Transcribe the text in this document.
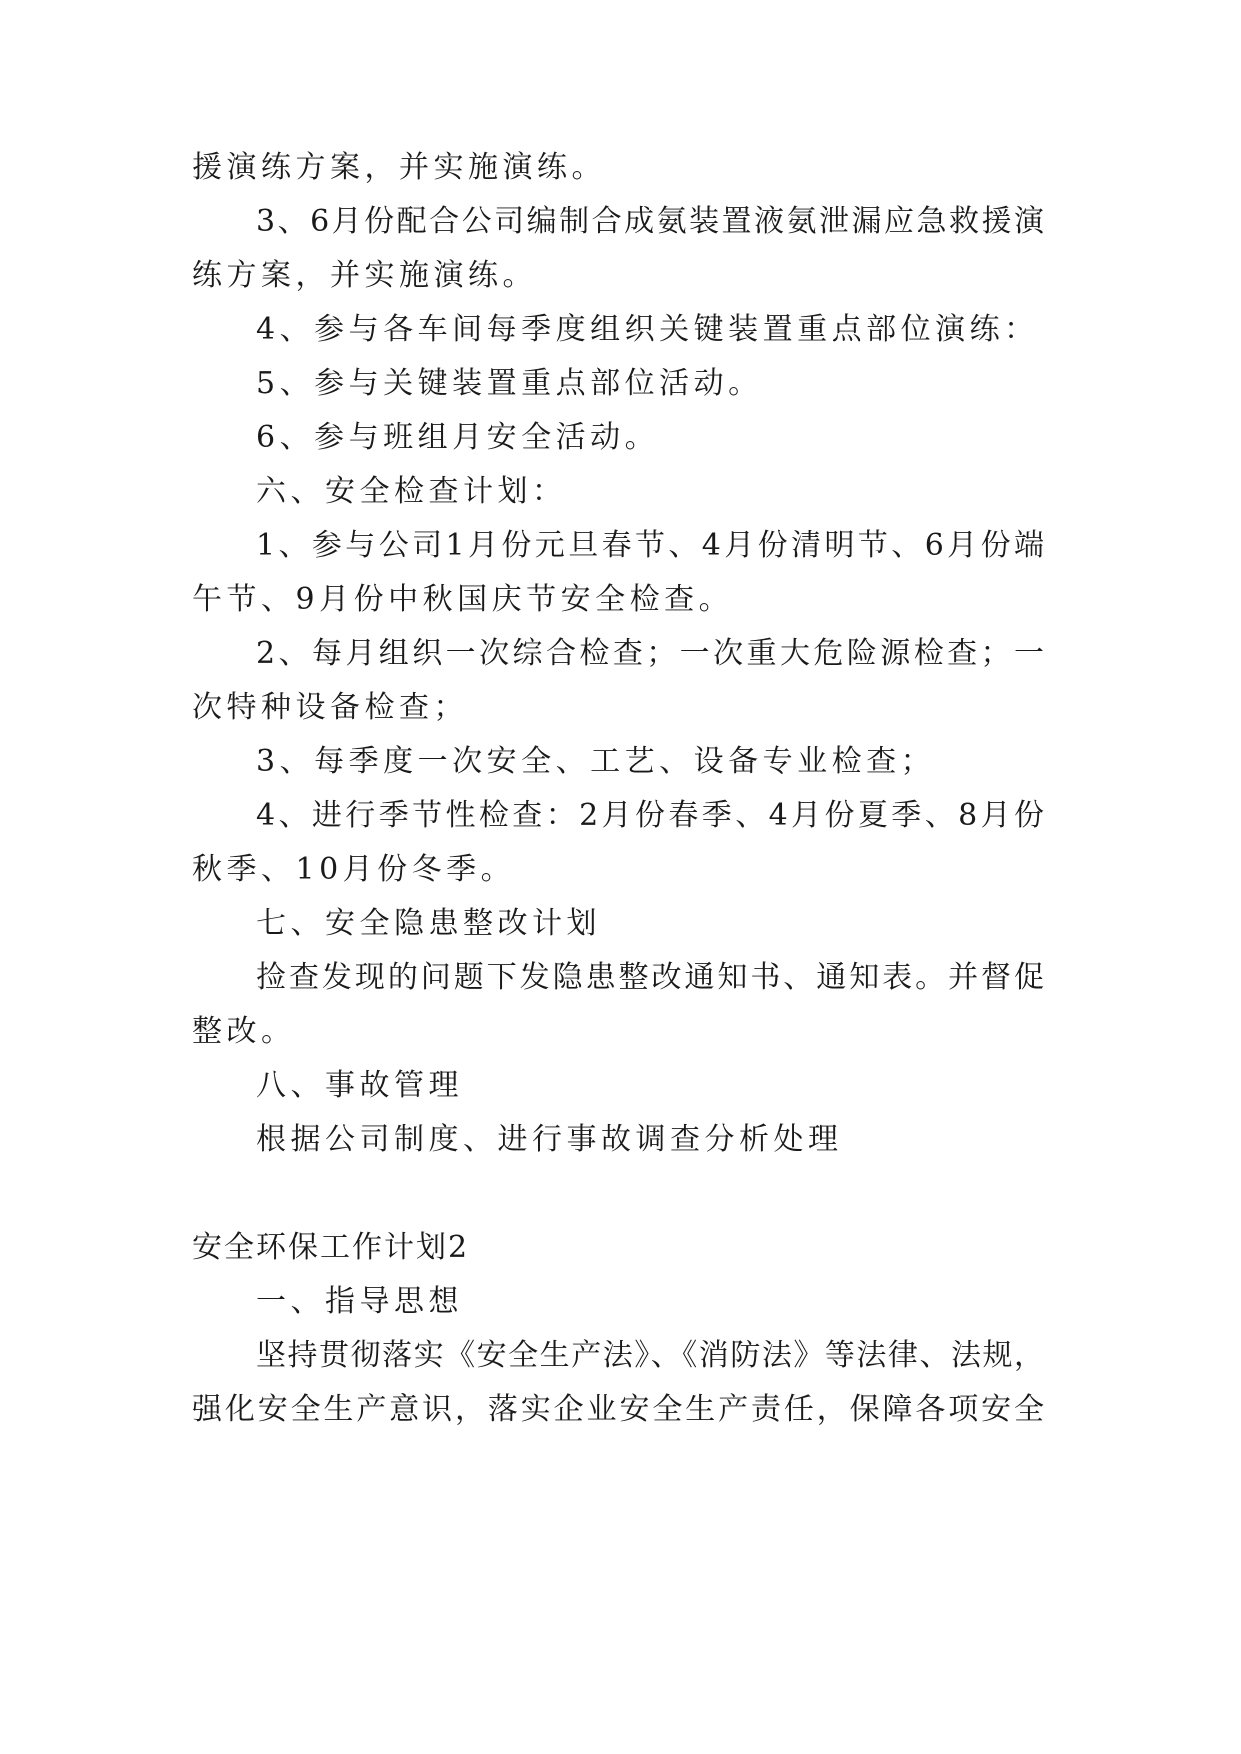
援演练方案，并实施演练。
3、6月份配合公司编制合成氨装置液氨泄漏应急救援演
练方案，并实施演练。
4、参与各车间每季度组织关键装置重点部位演练：
5、参与关键装置重点部位活动。
6、参与班组月安全活动。
六、安全检查计划：
1、参与公司1月份元旦春节、4月份清明节、6月份端
午节、9月份中秋国庆节安全检查。
2、每月组织一次综合检查；一次重大危险源检查；一
次特种设备检查；
3、每季度一次安全、工艺、设备专业检查；
4、进行季节性检查：2月份春季、4月份夏季、8月份
秋季、10月份冬季。
七、安全隐患整改计划
捡查发现的问题下发隐患整改通知书、通知表。并督促
整改。
八、事故管理
根据公司制度、进行事故调查分析处理
安全环保工作计划2
一、指导思想
坚持贯彻落实《安全生产法》、《消防法》等法律、法规，
强化安全生产意识，落实企业安全生产责任，保障各项安全
